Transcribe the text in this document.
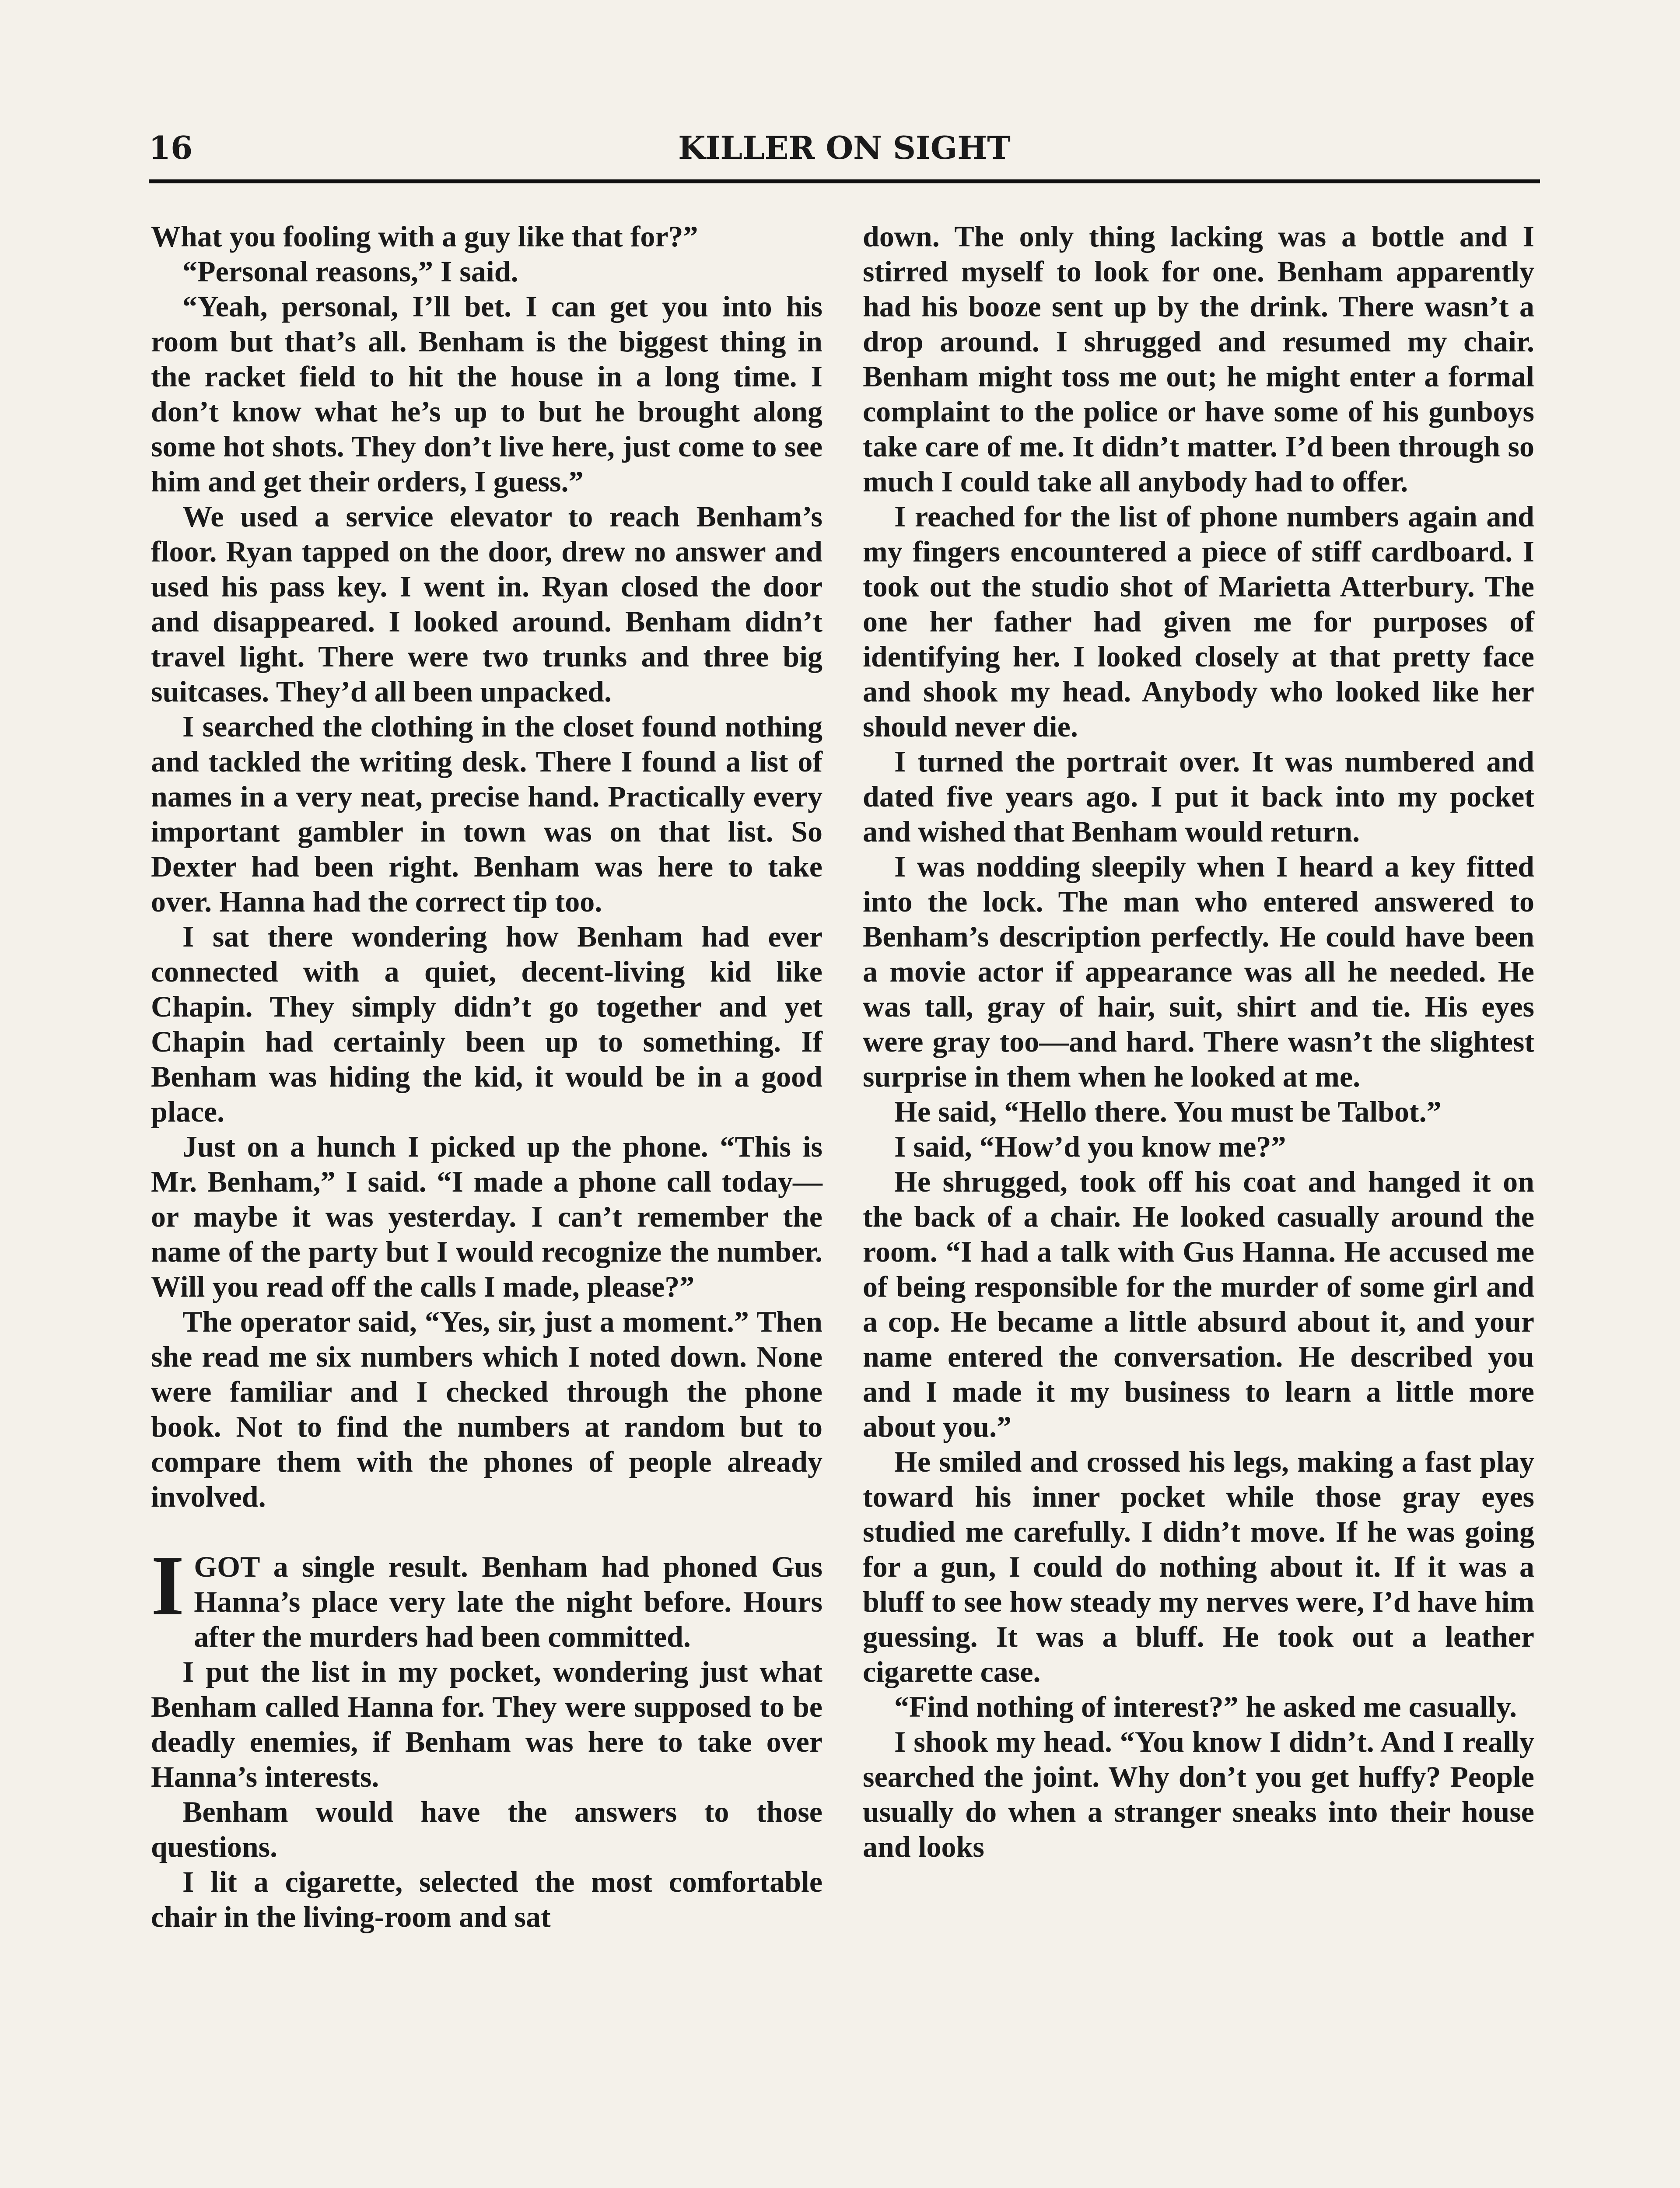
16	KILLER ON SIGHT

What you fooling with a guy like that for?”

“Personal reasons,” I said.

“Yeah, personal, I’ll bet. I can get you into his room but that’s all. Benham is the biggest thing in the racket field to hit the house in a long time. I don’t know what he’s up to but he brought along some hot shots. They don’t live here, just come to see him and get their orders, I guess.”

We used a service elevator to reach Benham’s floor. Ryan tapped on the door, drew no answer and used his pass key. I went in. Ryan closed the door and disappeared. I looked around. Benham didn’t travel light. There were two trunks and three big suitcases. They’d all been unpacked.

I searched the clothing in the closet found nothing and tackled the writing desk. There I found a list of names in a very neat, precise hand. Practically every important gambler in town was on that list. So Dexter had been right. Benham was here to take over. Hanna had the correct tip too.

I sat there wondering how Benham had ever connected with a quiet, decent-living kid like Chapin. They simply didn’t go together and yet Chapin had certainly been up to something. If Benham was hiding the kid, it would be in a good place.

Just on a hunch I picked up the phone. “This is Mr. Benham,” I said. “I made a phone call today—or maybe it was yesterday. I can’t remember the name of the party but I would recognize the number. Will you read off the calls I made, please?”

The operator said, “Yes, sir, just a moment.” Then she read me six numbers which I noted down. None were familiar and I checked through the phone book. Not to find the numbers at random but to compare them with the phones of people already involved.

IGOT a single result. Benham had phoned Gus Hanna’s place very late the night before. Hours after the murders had been committed.

I put the list in my pocket, wondering just what Benham called Hanna for. They were supposed to be deadly enemies, if Benham was here to take over Hanna’s interests.

Benham would have the answers to those questions.

I lit a cigarette, selected the most comfortable chair in the living-room and sat

down. The only thing lacking was a bottle and I stirred myself to look for one. Benham apparently had his booze sent up by the drink. There wasn’t a drop around. I shrugged and resumed my chair. Benham might toss me out; he might enter a formal complaint to the police or have some of his gunboys take care of me. It didn’t matter. I’d been through so much I could take all anybody had to offer.

I reached for the list of phone numbers again and my fingers encountered a piece of stiff cardboard. I took out the studio shot of Marietta Atterbury. The one her father had given me for purposes of identifying her. I looked closely at that pretty face and shook my head. Anybody who looked like her should never die.

I turned the portrait over. It was numbered and dated five years ago. I put it back into my pocket and wished that Benham would return.

I was nodding sleepily when I heard a key fitted into the lock. The man who entered answered to Benham’s description perfectly. He could have been a movie actor if appearance was all he needed. He was tall, gray of hair, suit, shirt and tie. His eyes were gray too—and hard. There wasn’t the slightest surprise in them when he looked at me.

He said, “Hello there. You must be Talbot.”

I said, “How’d you know me?”

He shrugged, took off his coat and hanged it on the back of a chair. He looked casually around the room. “I had a talk with Gus Hanna. He accused me of being responsible for the murder of some girl and a cop. He became a little absurd about it, and your name entered the conversation. He described you and I made it my business to learn a little more about you.”

He smiled and crossed his legs, making a fast play toward his inner pocket while those gray eyes studied me carefully. I didn’t move. If he was going for a gun, I could do nothing about it. If it was a bluff to see how steady my nerves were, I’d have him guessing. It was a bluff. He took out a leather cigarette case.

“Find nothing of interest?” he asked me casually.

I shook my head. “You know I didn’t. And I really searched the joint. Why don’t you get huffy? People usually do when a stranger sneaks into their house and looks
